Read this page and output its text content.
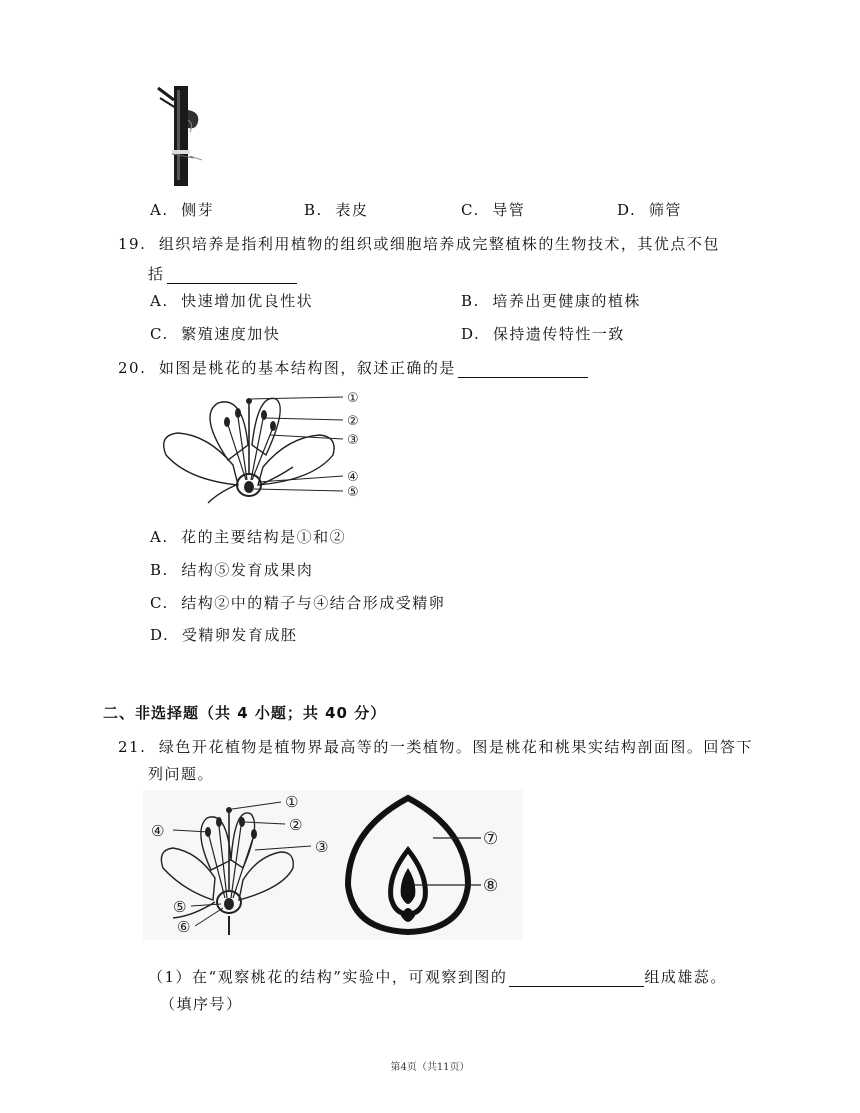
A. 侧芽	B. 表皮	C. 导管	D. 筛管
19. 组织培养是指利用植物的组织或细胞培养成完整植株的生物技术，其优点不包
括
A. 快速增加优良性状	B. 培养出更健康的植株
C. 繁殖速度加快	D. 保持遗传特性一致
20. 如图是桃花的基本结构图，叙述正确的是
①
②
③
④
⑤
A. 花的主要结构是①和②
B. 结构⑤发育成果肉
C. 结构②中的精子与④结合形成受精卵
D. 受精卵发育成胚
二、非选择题（共 4 小题；共 40 分）
21. 绿色开花植物是植物界最高等的一类植物。图是桃花和桃果实结构剖面图。回答下
列问题。
①
②
③
④
⑤
⑥
⑦
⑧
（1）在“观察桃花的结构”实验中，可观察到图的	组成雄蕊。
（填序号）
第4页（共11页）
